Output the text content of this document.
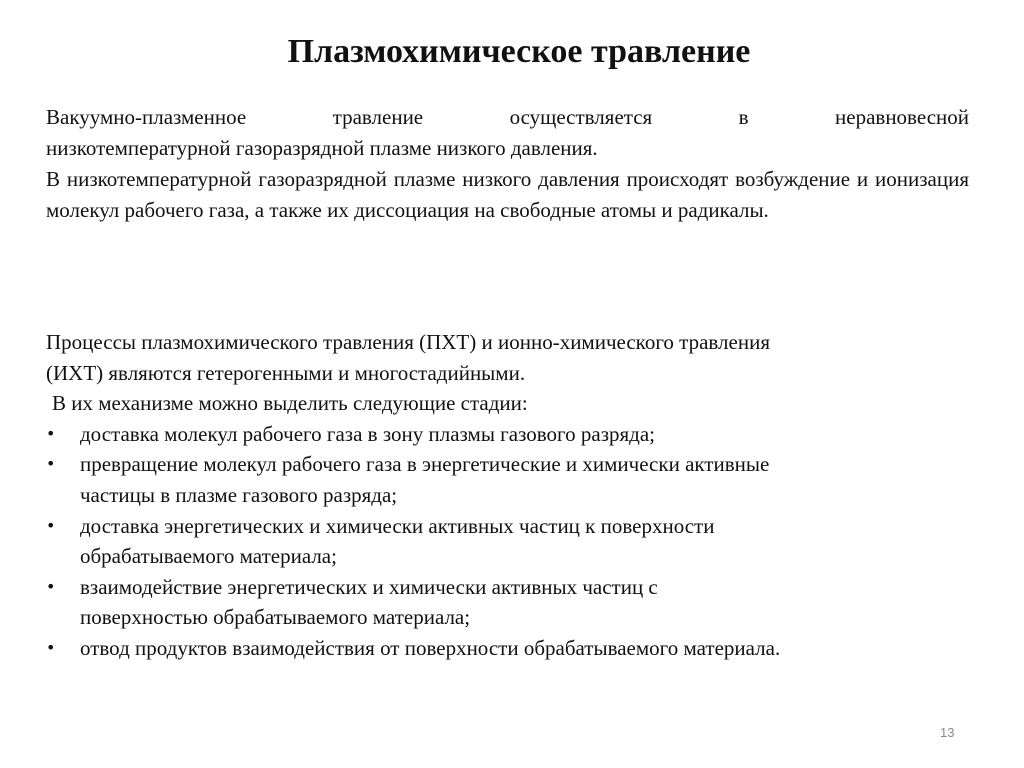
Плазмохимическое травление

Вакуумно-плазменное травление осуществляется в неравновесной

низкотемпературной газоразрядной плазме низкого давления.

В низкотемпературной газоразрядной плазме низкого давления происходят возбуждение и ионизация молекул рабочего газа, а также их диссоциация на свободные атомы и радикалы.

Процессы плазмохимического травления (ПХТ) и ионно-химического травления

(ИХТ) являются гетерогенными и многостадийными.

В их механизме можно выделить следующие стадии:

•	доставка молекул рабочего газа в зону плазмы газового разряда;
•	превращение молекул рабочего газа в энергетические и химически активные
частицы в плазме газового разряда;
•	доставка энергетических и химически активных частиц к поверхности
обрабатываемого материала;
•	взаимодействие энергетических и химически активных частиц с
поверхностью обрабатываемого материала;
•	отвод продуктов взаимодействия от поверхности обрабатываемого материала.
13
